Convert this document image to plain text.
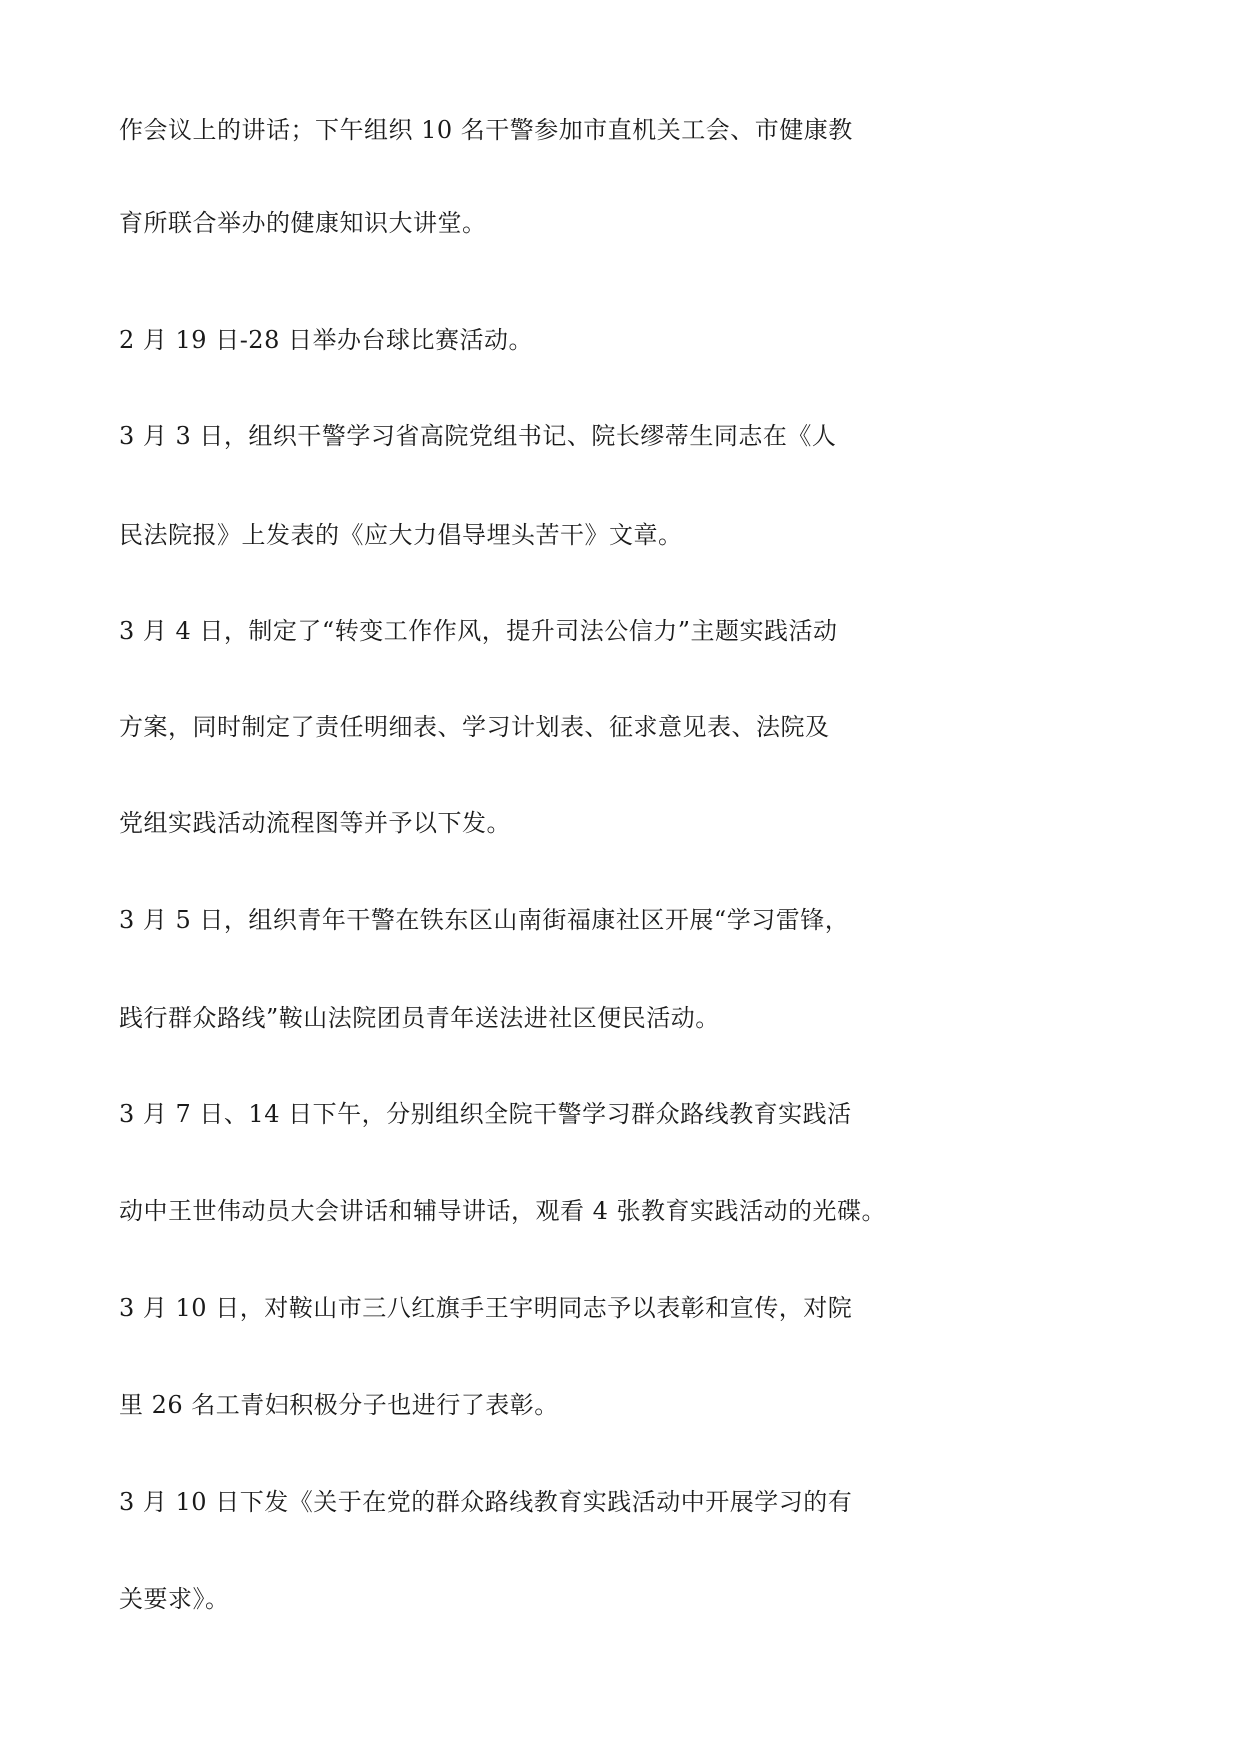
作会议上的讲话；下午组织 10 名干警参加市直机关工会、市健康教

育所联合举办的健康知识大讲堂。

2 月 19 日-28 日举办台球比赛活动。

3 月 3 日，组织干警学习省高院党组书记、院长缪蒂生同志在《人

民法院报》上发表的《应大力倡导埋头苦干》文章。

3 月 4 日，制定了“转变工作作风，提升司法公信力”主题实践活动

方案，同时制定了责任明细表、学习计划表、征求意见表、法院及

党组实践活动流程图等并予以下发。

3 月 5 日，组织青年干警在铁东区山南街福康社区开展“学习雷锋，

践行群众路线”鞍山法院团员青年送法进社区便民活动。

3 月 7 日、14 日下午，分别组织全院干警学习群众路线教育实践活

动中王世伟动员大会讲话和辅导讲话，观看 4 张教育实践活动的光碟。

3 月 10 日，对鞍山市三八红旗手王宇明同志予以表彰和宣传，对院

里 26 名工青妇积极分子也进行了表彰。

3 月 10 日下发《关于在党的群众路线教育实践活动中开展学习的有

关要求》。
